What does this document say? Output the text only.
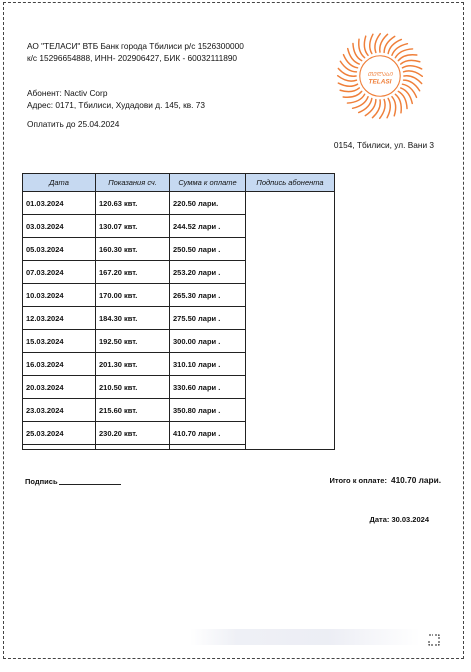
АО "ТЕЛАСИ" ВТБ Банк города Тбилиси р/с 1526300000
к/с 15296654888, ИНН- 202906427, БИК - 60032111890
ᲗᲔᲚᲐᲡᲘ
TELASI
Абонент: Nactiv Corp
Адрес: 0171, Тбилиси, Худадови д. 145, кв. 73
Оплатить до 25.04.2024
0154, Тбилиси, ул. Вани 3
Дата	Показания сч.	Сумма к оплате	Подпись абонента
01.03.2024	120.63 квт.	220.50 лари.	
03.03.2024	130.07 квт.	244.52 лари .	
05.03.2024	160.30 квт.	250.50 лари .	
07.03.2024	167.20 квт.	253.20 лари .	
10.03.2024	170.00 квт.	265.30 лари .	
12.03.2024	184.30 квт.	275.50 лари .	
15.03.2024	192.50 квт.	300.00 лари .	
16.03.2024	201.30 квт.	310.10 лари .	
20.03.2024	210.50 квт.	330.60 лари .	
23.03.2024	215.60 квт.	350.80 лари .	
25.03.2024	230.20 квт.	410.70 лари .	

Подпись	Итого к оплате: 410.70 лари.
Дата: 30.03.2024
